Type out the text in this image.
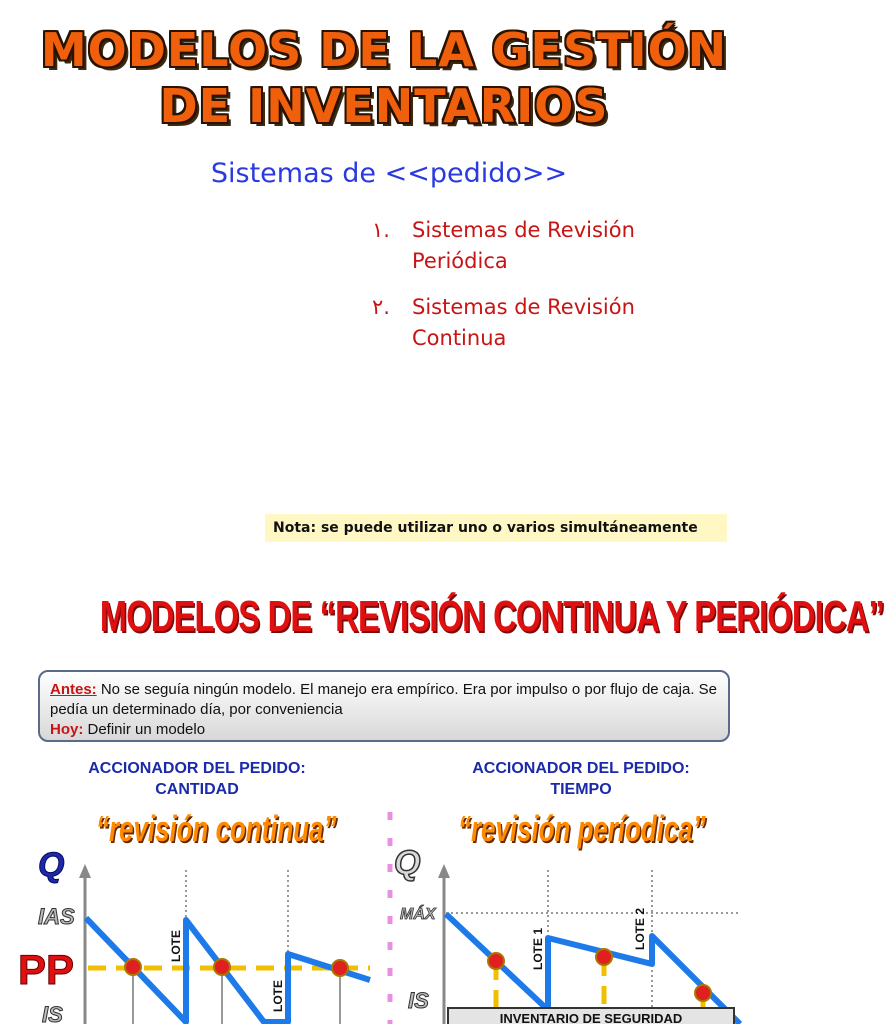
MODELOS DE LA GESTIÓN
DE INVENTARIOS
Sistemas de <<pedido>>
١.	Sistemas de Revisión
Periódica
٢.	Sistemas de Revisión
Continua
Nota: se puede utilizar uno o varios simultáneamente
MODELOS DE “REVISIÓN CONTINUA Y PERIÓDICA”
Antes: No se seguía ningún modelo. El manejo era empírico. Era por impulso o por flujo de caja. Se pedía un determinado día, por conveniencia
Hoy: Definir un modelo
ACCIONADOR DEL PEDIDO:
CANTIDAD
ACCIONADOR DEL PEDIDO:
TIEMPO
“revisión continua”	“revisión períodica”
Q
IAS
PP
IS
LOTE
LOTE
Q
MÁX
IS
LOTE 1	LOTE 2
INVENTARIO DE SEGURIDAD
